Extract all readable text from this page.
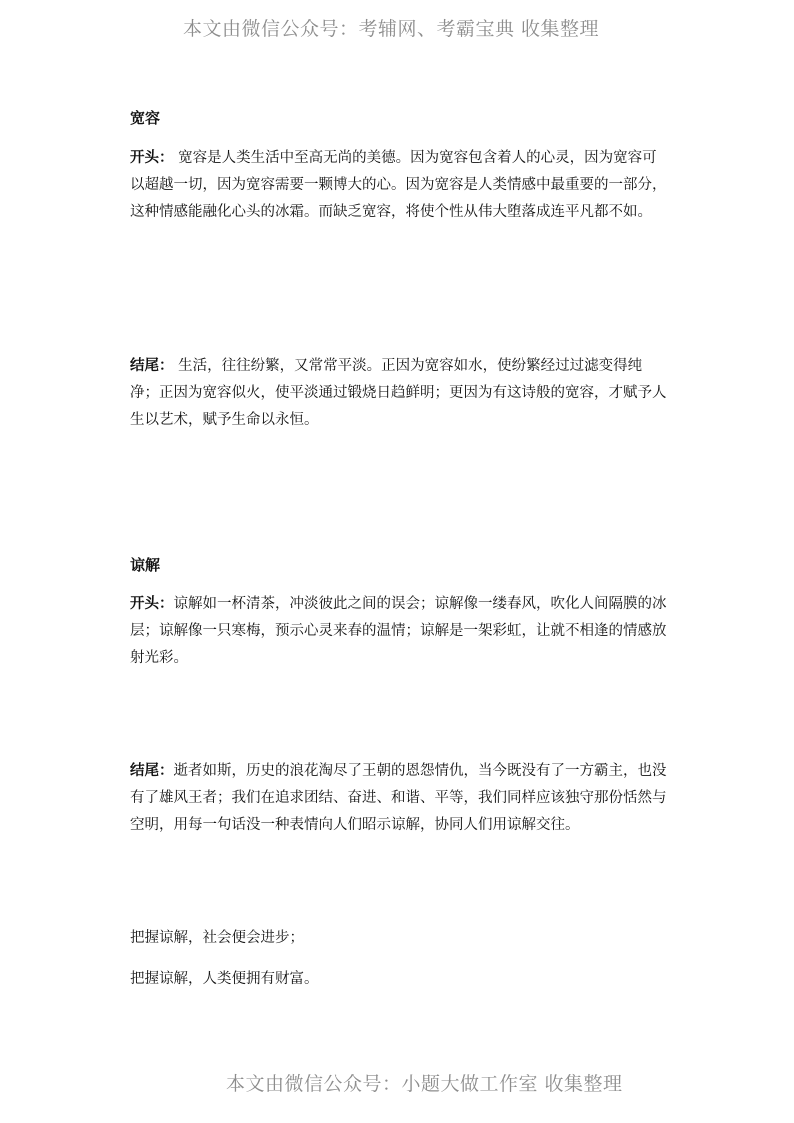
本文由微信公众号：考辅网、考霸宝典 收集整理
宽容

开头： 宽容是人类生活中至高无尚的美德。因为宽容包含着人的心灵，因为宽容可以超越一切，因为宽容需要一颗博大的心。因为宽容是人类情感中最重要的一部分，这种情感能融化心头的冰霜。而缺乏宽容，将使个性从伟大堕落成连平凡都不如。

结尾： 生活，往往纷繁，又常常平淡。正因为宽容如水，使纷繁经过过滤变得纯净；正因为宽容似火，使平淡通过锻烧日趋鲜明；更因为有这诗般的宽容，才赋予人生以艺术，赋予生命以永恒。

谅解

开头：谅解如一杯清茶，冲淡彼此之间的误会；谅解像一缕春风，吹化人间隔膜的冰层；谅解像一只寒梅，预示心灵来春的温情；谅解是一架彩虹，让就不相逢的情感放射光彩。

结尾：逝者如斯，历史的浪花淘尽了王朝的恩怨情仇，当今既没有了一方霸主，也没有了雄风王者；我们在追求团结、奋进、和谐、平等，我们同样应该独守那份恬然与空明，用每一句话没一种表情向人们昭示谅解，协同人们用谅解交往。

把握谅解，社会便会进步；

把握谅解，人类便拥有财富。

本文由微信公众号：小题大做工作室 收集整理
